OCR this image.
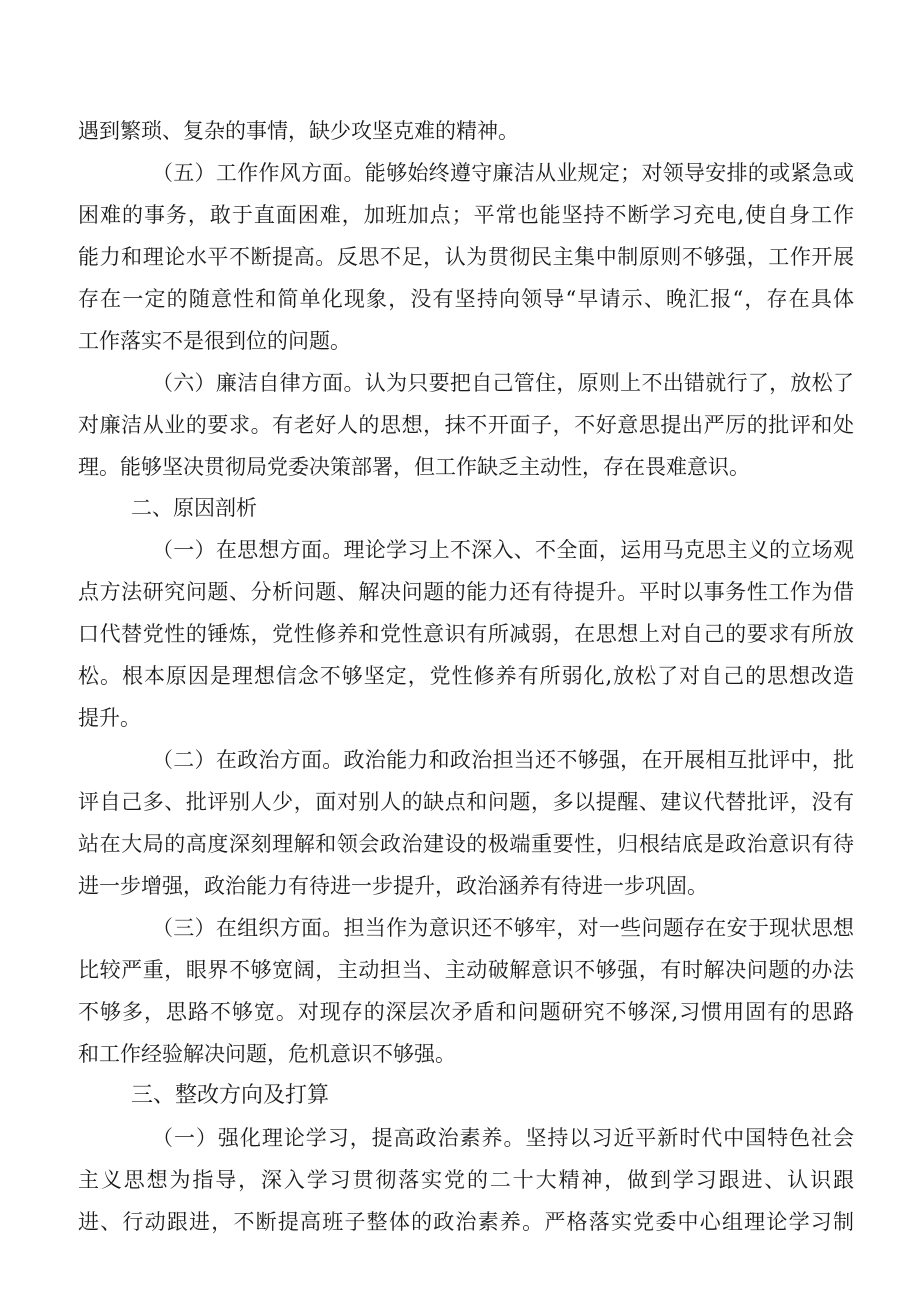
遇到繁琐、复杂的事情，缺少攻坚克难的精神。
（五）工作作风方面。能够始终遵守廉洁从业规定；对领导安排的或紧急或
困难的事务，敢于直面困难，加班加点；平常也能坚持不断学习充电,使自身工作
能力和理论水平不断提高。反思不足，认为贯彻民主集中制原则不够强，工作开展
存在一定的随意性和简单化现象，没有坚持向领导“早请示、晚汇报“，存在具体
工作落实不是很到位的问题。
（六）廉洁自律方面。认为只要把自己管住，原则上不出错就行了，放松了
对廉洁从业的要求。有老好人的思想，抹不开面子，不好意思提出严厉的批评和处
理。能够坚决贯彻局党委决策部署，但工作缺乏主动性，存在畏难意识。
二、原因剖析
（一）在思想方面。理论学习上不深入、不全面，运用马克思主义的立场观
点方法研究问题、分析问题、解决问题的能力还有待提升。平时以事务性工作为借
口代替党性的锤炼，党性修养和党性意识有所减弱，在思想上对自己的要求有所放
松。根本原因是理想信念不够坚定，党性修养有所弱化,放松了对自己的思想改造
提升。
（二）在政治方面。政治能力和政治担当还不够强，在开展相互批评中，批
评自己多、批评别人少，面对别人的缺点和问题，多以提醒、建议代替批评，没有
站在大局的高度深刻理解和领会政治建设的极端重要性，归根结底是政治意识有待
进一步增强，政治能力有待进一步提升，政治涵养有待进一步巩固。
（三）在组织方面。担当作为意识还不够牢，对一些问题存在安于现状思想
比较严重，眼界不够宽阔，主动担当、主动破解意识不够强，有时解决问题的办法
不够多，思路不够宽。对现存的深层次矛盾和问题研究不够深,习惯用固有的思路
和工作经验解决问题，危机意识不够强。
三、整改方向及打算
（一）强化理论学习，提高政治素养。坚持以习近平新时代中国特色社会
主义思想为指导，深入学习贯彻落实党的二十大精神，做到学习跟进、认识跟
进、行动跟进，不断提高班子整体的政治素养。严格落实党委中心组理论学习制
